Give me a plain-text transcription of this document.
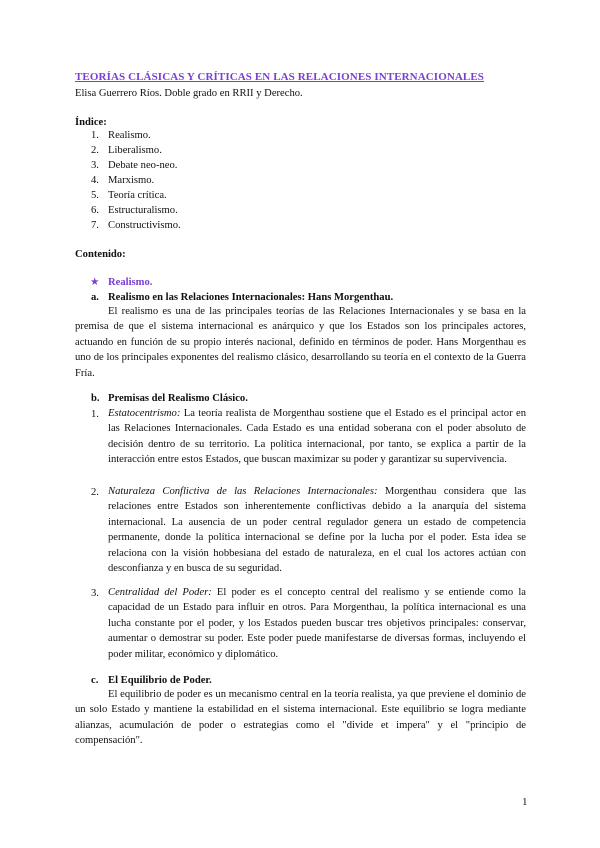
TEORÍAS CLÁSICAS Y CRÍTICAS EN LAS RELACIONES INTERNACIONALES
Elisa Guerrero Ríos. Doble grado en RRII y Derecho.
Índice:
1. Realismo.
2. Liberalismo.
3. Debate neo-neo.
4. Marxismo.
5. Teoría crítica.
6. Estructuralismo.
7. Constructivismo.
Contenido:
★ Realismo.
a. Realismo en las Relaciones Internacionales: Hans Morgenthau.
El realismo es una de las principales teorías de las Relaciones Internacionales y se basa en la premisa de que el sistema internacional es anárquico y que los Estados son los principales actores, actuando en función de su propio interés nacional, definido en términos de poder. Hans Morgenthau es uno de los principales exponentes del realismo clásico, desarrollando su teoría en el contexto de la Guerra Fría.
b. Premisas del Realismo Clásico.
1. Estatocentrismo: La teoría realista de Morgenthau sostiene que el Estado es el principal actor en las Relaciones Internacionales. Cada Estado es una entidad soberana con el poder absoluto de decisión dentro de su territorio. La política internacional, por tanto, se explica a partir de la interacción entre estos Estados, que buscan maximizar su poder y garantizar su supervivencia.
2. Naturaleza Conflictiva de las Relaciones Internacionales: Morgenthau considera que las relaciones entre Estados son inherentemente conflictivas debido a la anarquía del sistema internacional. La ausencia de un poder central regulador genera un estado de competencia permanente, donde la política internacional se define por la lucha por el poder. Esta idea se relaciona con la visión hobbesiana del estado de naturaleza, en el cual los actores actúan con desconfianza y en busca de su seguridad.
3. Centralidad del Poder: El poder es el concepto central del realismo y se entiende como la capacidad de un Estado para influir en otros. Para Morgenthau, la política internacional es una lucha constante por el poder, y los Estados pueden buscar tres objetivos principales: conservar, aumentar o demostrar su poder. Este poder puede manifestarse de diversas formas, incluyendo el poder militar, económico y diplomático.
c. El Equilibrio de Poder.
El equilibrio de poder es un mecanismo central en la teoría realista, ya que previene el dominio de un solo Estado y mantiene la estabilidad en el sistema internacional. Este equilibrio se logra mediante alianzas, acumulación de poder o estrategias como el "divide et impera" y el "principio de compensación".
1
